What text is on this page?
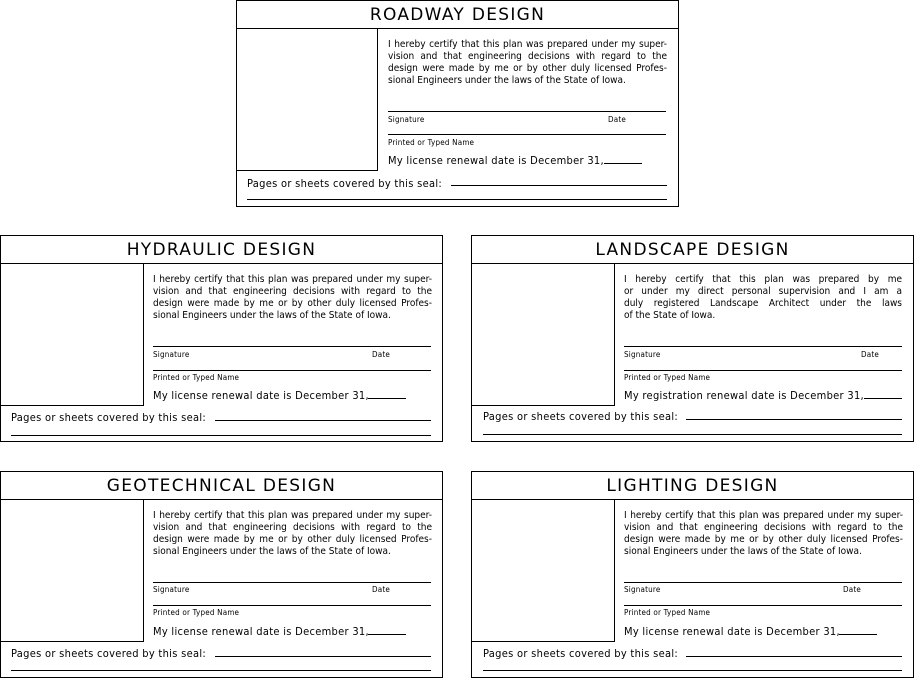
ROADWAY DESIGN
I hereby certify that this plan was prepared under my super-
vision and that engineering decisions with regard to the
design were made by me or by other duly licensed Profes-
sional Engineers under the laws of the State of Iowa.
Signature	Date
Printed or Typed Name
My license renewal date is December 31,
Pages or sheets covered by this seal:
HYDRAULIC DESIGN
I hereby certify that this plan was prepared under my super-
vision and that engineering decisions with regard to the
design were made by me or by other duly licensed Profes-
sional Engineers under the laws of the State of Iowa.
Signature	Date
Printed or Typed Name
My license renewal date is December 31,
Pages or sheets covered by this seal:
LANDSCAPE DESIGN
I hereby certify that this plan was prepared by me
or under my direct personal supervision and I am a
duly registered Landscape Architect under the laws
of the State of Iowa.
Signature	Date
Printed or Typed Name
My registration renewal date is December 31,
Pages or sheets covered by this seal:
GEOTECHNICAL DESIGN
I hereby certify that this plan was prepared under my super-
vision and that engineering decisions with regard to the
design were made by me or by other duly licensed Profes-
sional Engineers under the laws of the State of Iowa.
Signature	Date
Printed or Typed Name
My license renewal date is December 31,
Pages or sheets covered by this seal:
LIGHTING DESIGN
I hereby certify that this plan was prepared under my super-
vision and that engineering decisions with regard to the
design were made by me or by other duly licensed Profes-
sional Engineers under the laws of the State of Iowa.
Signature	Date
Printed or Typed Name
My license renewal date is December 31,
Pages or sheets covered by this seal:
